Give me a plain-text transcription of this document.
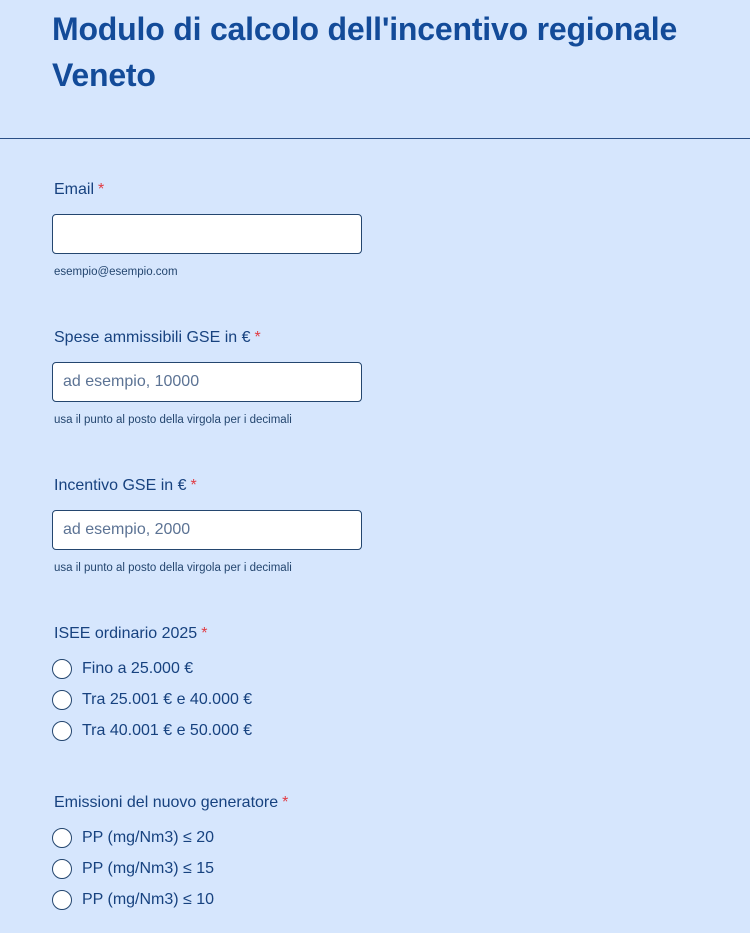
Modulo di calcolo dell'incentivo regionale Veneto
Email *
esempio@esempio.com
Spese ammissibili GSE in € *
ad esempio, 10000
usa il punto al posto della virgola per i decimali
Incentivo GSE in € *
ad esempio, 2000
usa il punto al posto della virgola per i decimali
ISEE ordinario 2025 *
Fino a 25.000 €
Tra 25.001 € e 40.000 €
Tra 40.001 € e 50.000 €
Emissioni del nuovo generatore *
PP (mg/Nm3) ≤ 20
PP (mg/Nm3) ≤ 15
PP (mg/Nm3) ≤ 10
